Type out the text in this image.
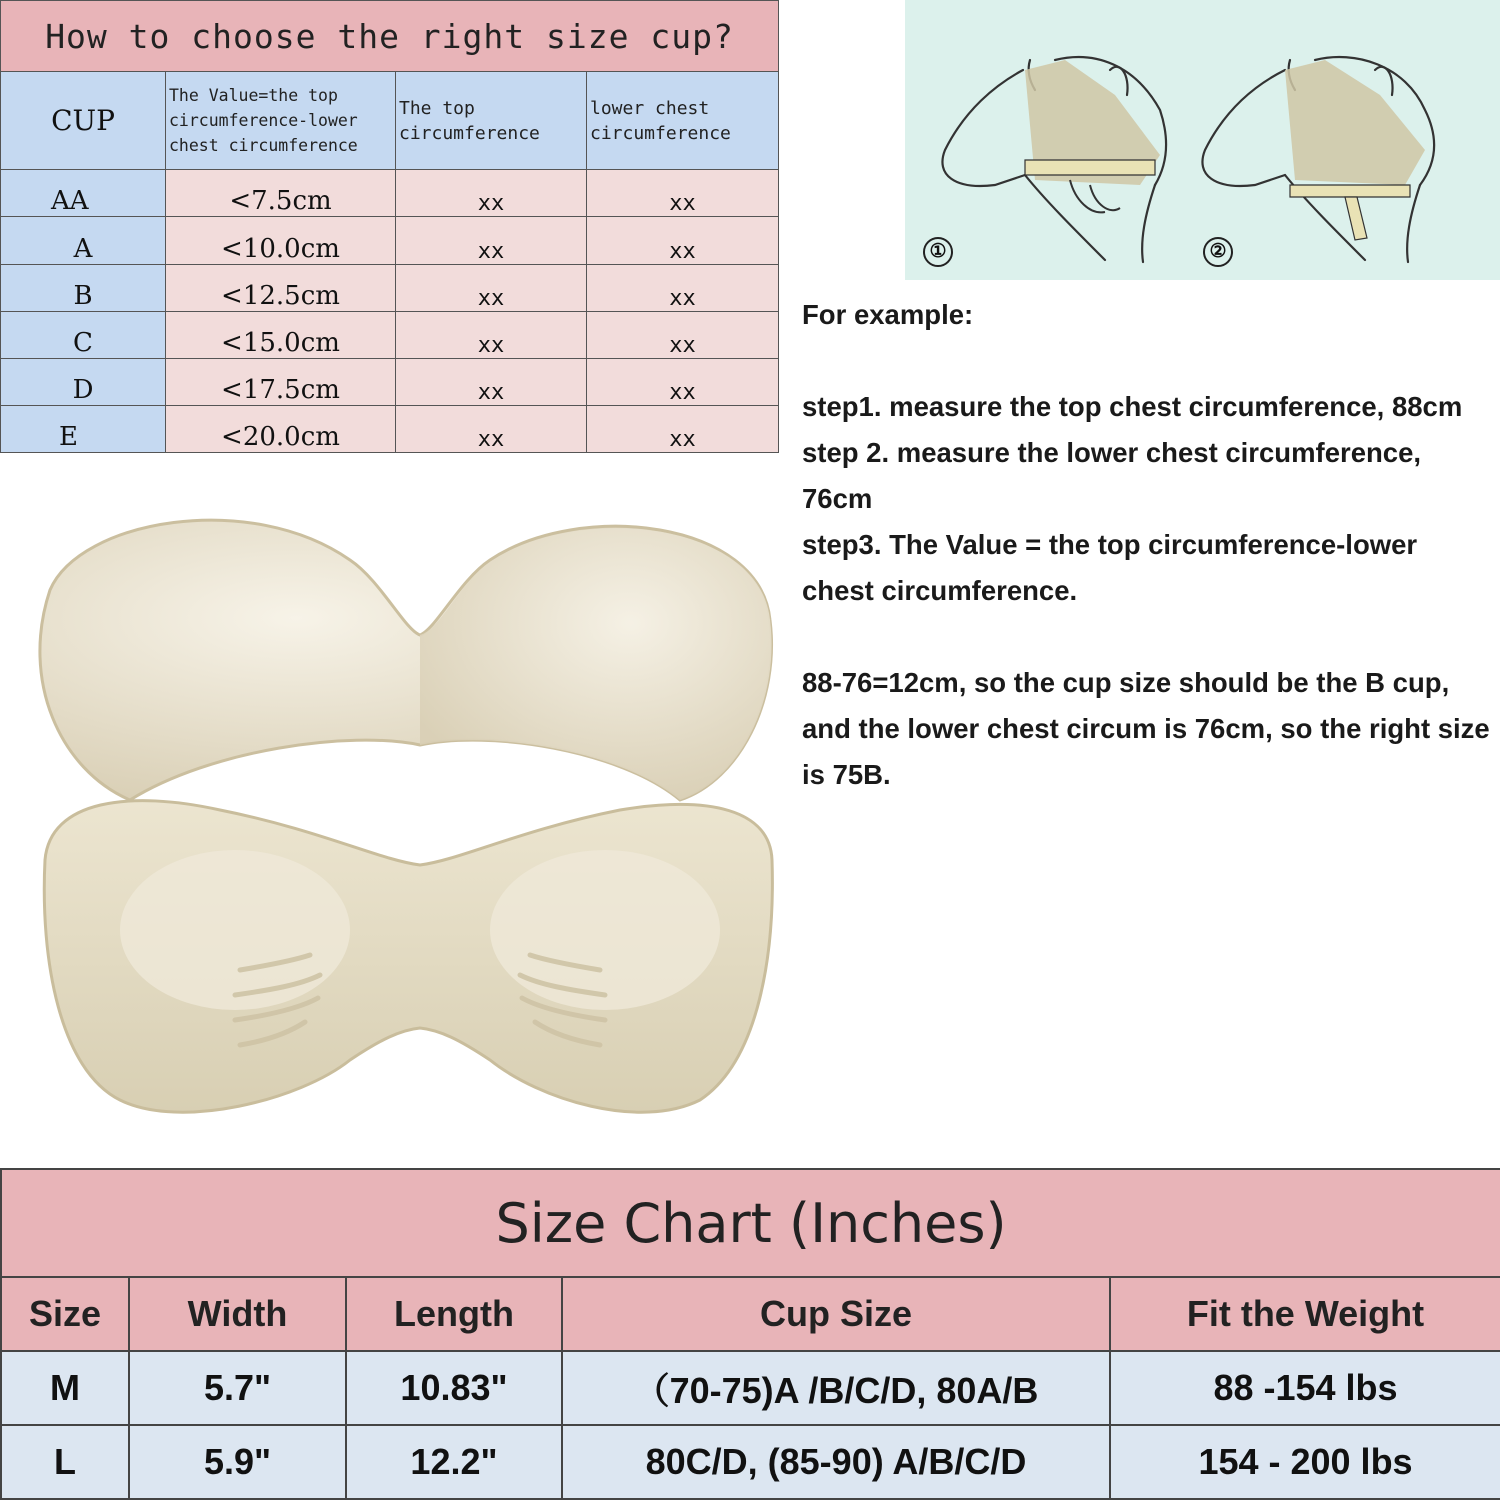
How to choose the right size cup?			
CUP	The Value=the top circumference-lower chest circumference	The top circumference	lower chest circumference
AA	<7.5cm	xx	xx
A	<10.0cm	xx	xx
B	<12.5cm	xx	xx
C	<15.0cm	xx	xx
D	<17.5cm	xx	xx
E	<20.0cm	xx	xx
①	②

For example:

step1. measure the top chest circumference, 88cm

step 2. measure the lower chest circumference, 76cm

step3. The Value = the top circumference-lower chest circumference.

88-76=12cm, so the cup size should be the B cup, and the lower chest circum is 76cm, so the right size is 75B.

Size Chart (Inches)				
Size	Width	Length	Cup Size	Fit the Weight
M	5.7"	10.83"	（70-75)A /B/C/D, 80A/B	88 -154 lbs
L	5.9"	12.2"	80C/D, (85-90) A/B/C/D	154 - 200 lbs
